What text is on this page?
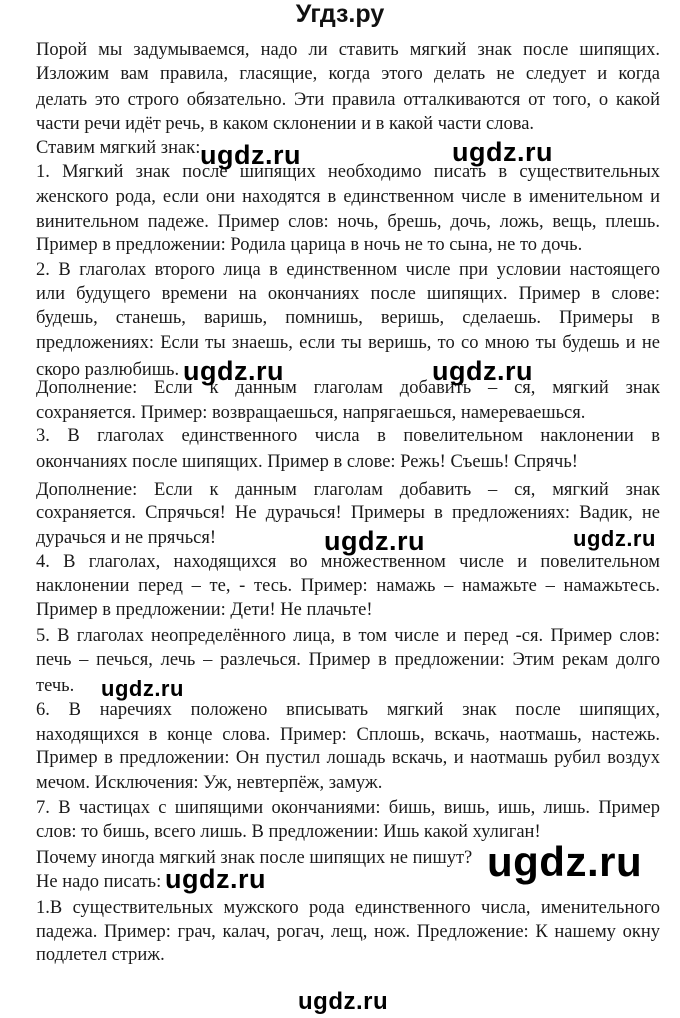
Угдз.ру
Порой мы задумываемся, надо ли ставить мягкий знак после шипящих.
Изложим вам правила, гласящие, когда этого делать не следует и когда
делать это строго обязательно. Эти правила отталкиваются от того, о какой
части речи идёт речь, в каком склонении и в какой части слова.
Ставим мягкий знак:
1. Мягкий знак после шипящих необходимо писать в существительных
женского рода, если они находятся в единственном числе в именительном и
винительном падеже. Пример слов: ночь, брешь, дочь, ложь, вещь, плешь.
Пример в предложении: Родила царица в ночь не то сына, не то дочь.
2. В глаголах второго лица в единственном числе при условии настоящего
или будущего времени на окончаниях после шипящих. Пример в слове:
будешь, станешь, варишь, помнишь, веришь, сделаешь. Примеры в
предложениях: Если ты знаешь, если ты веришь, то со мною ты будешь и не
скоро разлюбишь.
Дополнение: Если к данным глаголам добавить – ся, мягкий знак
сохраняется. Пример: возвращаешься, напрягаешься, намереваешься.
3. В глаголах единственного числа в повелительном наклонении в
окончаниях после шипящих. Пример в слове: Режь! Съешь! Спрячь!
Дополнение: Если к данным глаголам добавить – ся, мягкий знак
сохраняется. Спрячься! Не дурачься! Примеры в предложениях: Вадик, не
дурачься и не прячься!
4. В глаголах, находящихся во множественном числе и повелительном
наклонении перед – те, - тесь. Пример: намажь – намажьте – намажьтесь.
Пример в предложении: Дети! Не плачьте!
5. В глаголах неопределённого лица, в том числе и перед -ся. Пример слов:
печь – печься, лечь – разлечься. Пример в предложении: Этим рекам долго
течь.
6. В наречиях положено вписывать мягкий знак после шипящих,
находящихся в конце слова. Пример: Сплошь, вскачь, наотмашь, настежь.
Пример в предложении: Он пустил лошадь вскачь, и наотмашь рубил воздух
мечом. Исключения: Уж, невтерпёж, замуж.
7. В частицах с шипящими окончаниями: бишь, вишь, ишь, лишь. Пример
слов: то бишь, всего лишь. В предложении: Ишь какой хулиган!
Почему иногда мягкий знак после шипящих не пишут?
Не надо писать:
1.В существительных мужского рода единственного числа, именительного
падежа. Пример: грач, калач, рогач, лещ, нож. Предложение: К нашему окну
подлетел стриж.
ugdz.ru	ugdz.ru
ugdz.ru	ugdz.ru
ugdz.ru	ugdz.ru
ugdz.ru
ugdz.ru	ugdz.ru
ugdz.ru
